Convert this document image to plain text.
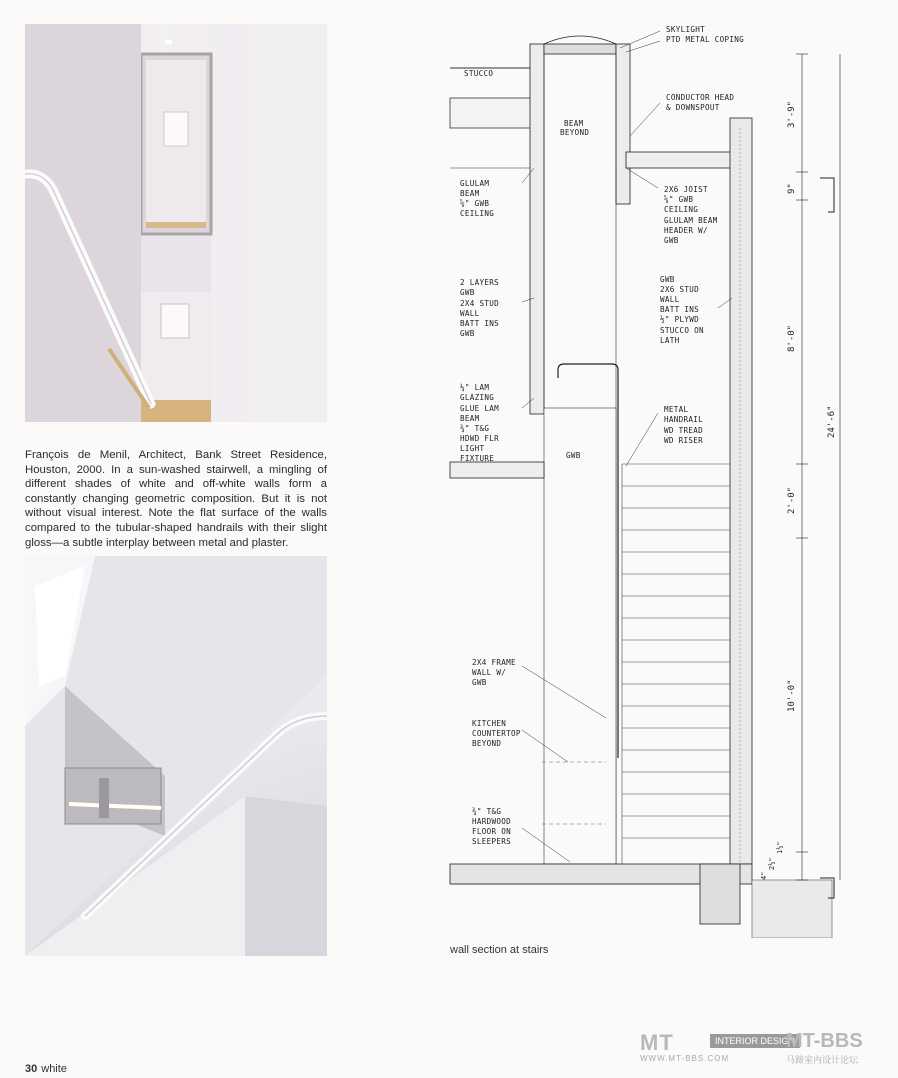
François de Menil, Architect, Bank Street Residence, Houston, 2000. In a sun-washed stairwell, a mingling of different shades of white and off-white walls form a constantly changing geometric composition. But it is not without visual interest. Note the flat surface of the walls compared to the tubular-shaped handrails with their slight gloss—a subtle interplay between metal and plaster.
SKYLIGHT
PTD METAL COPING
STUCCO
BEAM
BEYOND
CONDUCTOR HEAD
& DOWNSPOUT
GLULAM
BEAM
⅝" GWB
CEILING
2X6 JOIST
⅝" GWB
CEILING
GLULAM BEAM
HEADER W/
GWB
2 LAYERS
GWB
2X4 STUD
WALL
BATT INS
GWB
GWB
2X6 STUD
WALL
BATT INS
½" PLYWD
STUCCO ON
LATH
¼" LAM
GLAZING
GLUE LAM
BEAM
¾" T&G
HDWD FLR
LIGHT
FIXTURE	GWB
METAL
HANDRAIL
WD TREAD
WD RISER
2X4 FRAME
WALL W/
GWB
KITCHEN
COUNTERTOP
BEYOND
¾" T&G
HARDWOOD
FLOOR ON
SLEEPERS
3'-9"
9"
8'-0"
24'-6"
2'-0"
10'-0"
1½"
2½"
4"
wall section at stairs
30 white
MT	INTERIOR DESIGN
WWW.MT-BBS.COM
MT-BBS
马蹄室内设计论坛
